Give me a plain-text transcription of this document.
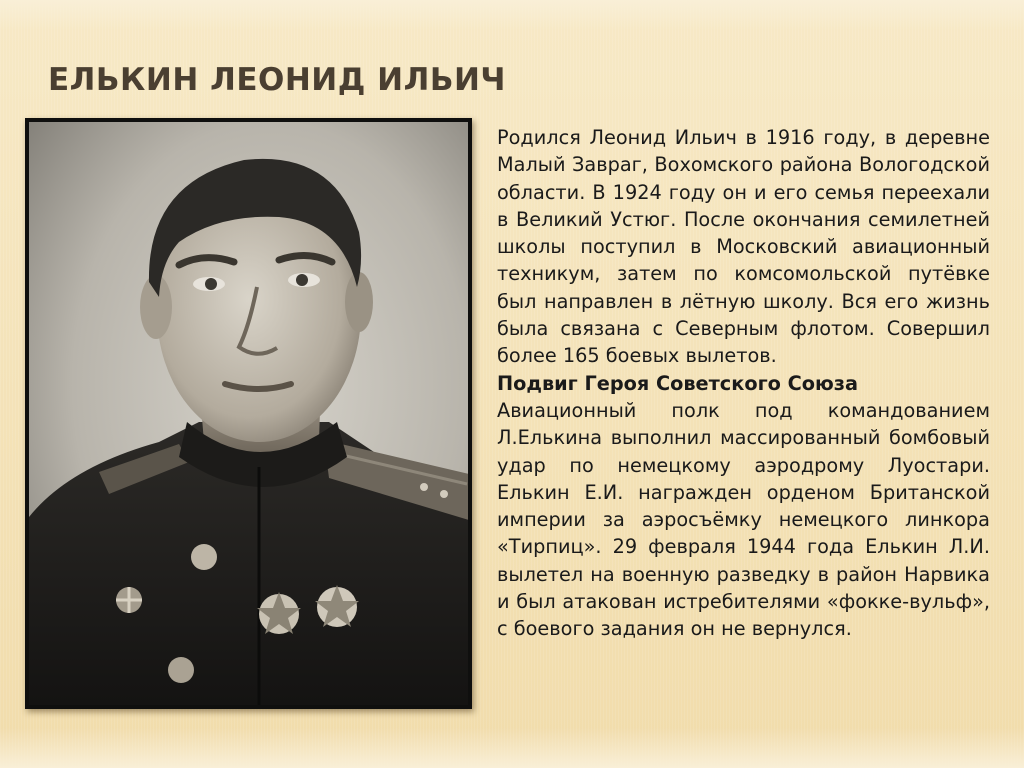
ЕЛЬКИН ЛЕОНИД ИЛЬИЧ

Родился Леонид Ильич в 1916 году, в деревне Малый Завраг, Вохомского района Вологодской области. В 1924 году он и его семья переехали в Великий Устюг. После окончания семилетней школы поступил в Московский авиационный техникум, затем по комсомольской путёвке был направлен в лётную школу. Вся его жизнь была связана с Северным флотом. Совершил более 165 боевых вылетов.

Подвиг Героя Советского Союза

Авиационный полк под командованием Л.Елькина выполнил массированный бомбовый удар по немецкому аэродрому Луостари. Елькин Е.И. награжден орденом Британской империи за аэросъёмку немецкого линкора «Тирпиц». 29 февраля 1944 года Елькин Л.И. вылетел на военную разведку в район Нарвика и был атакован истребителями «фокке-вульф», с боевого задания он не вернулся.
